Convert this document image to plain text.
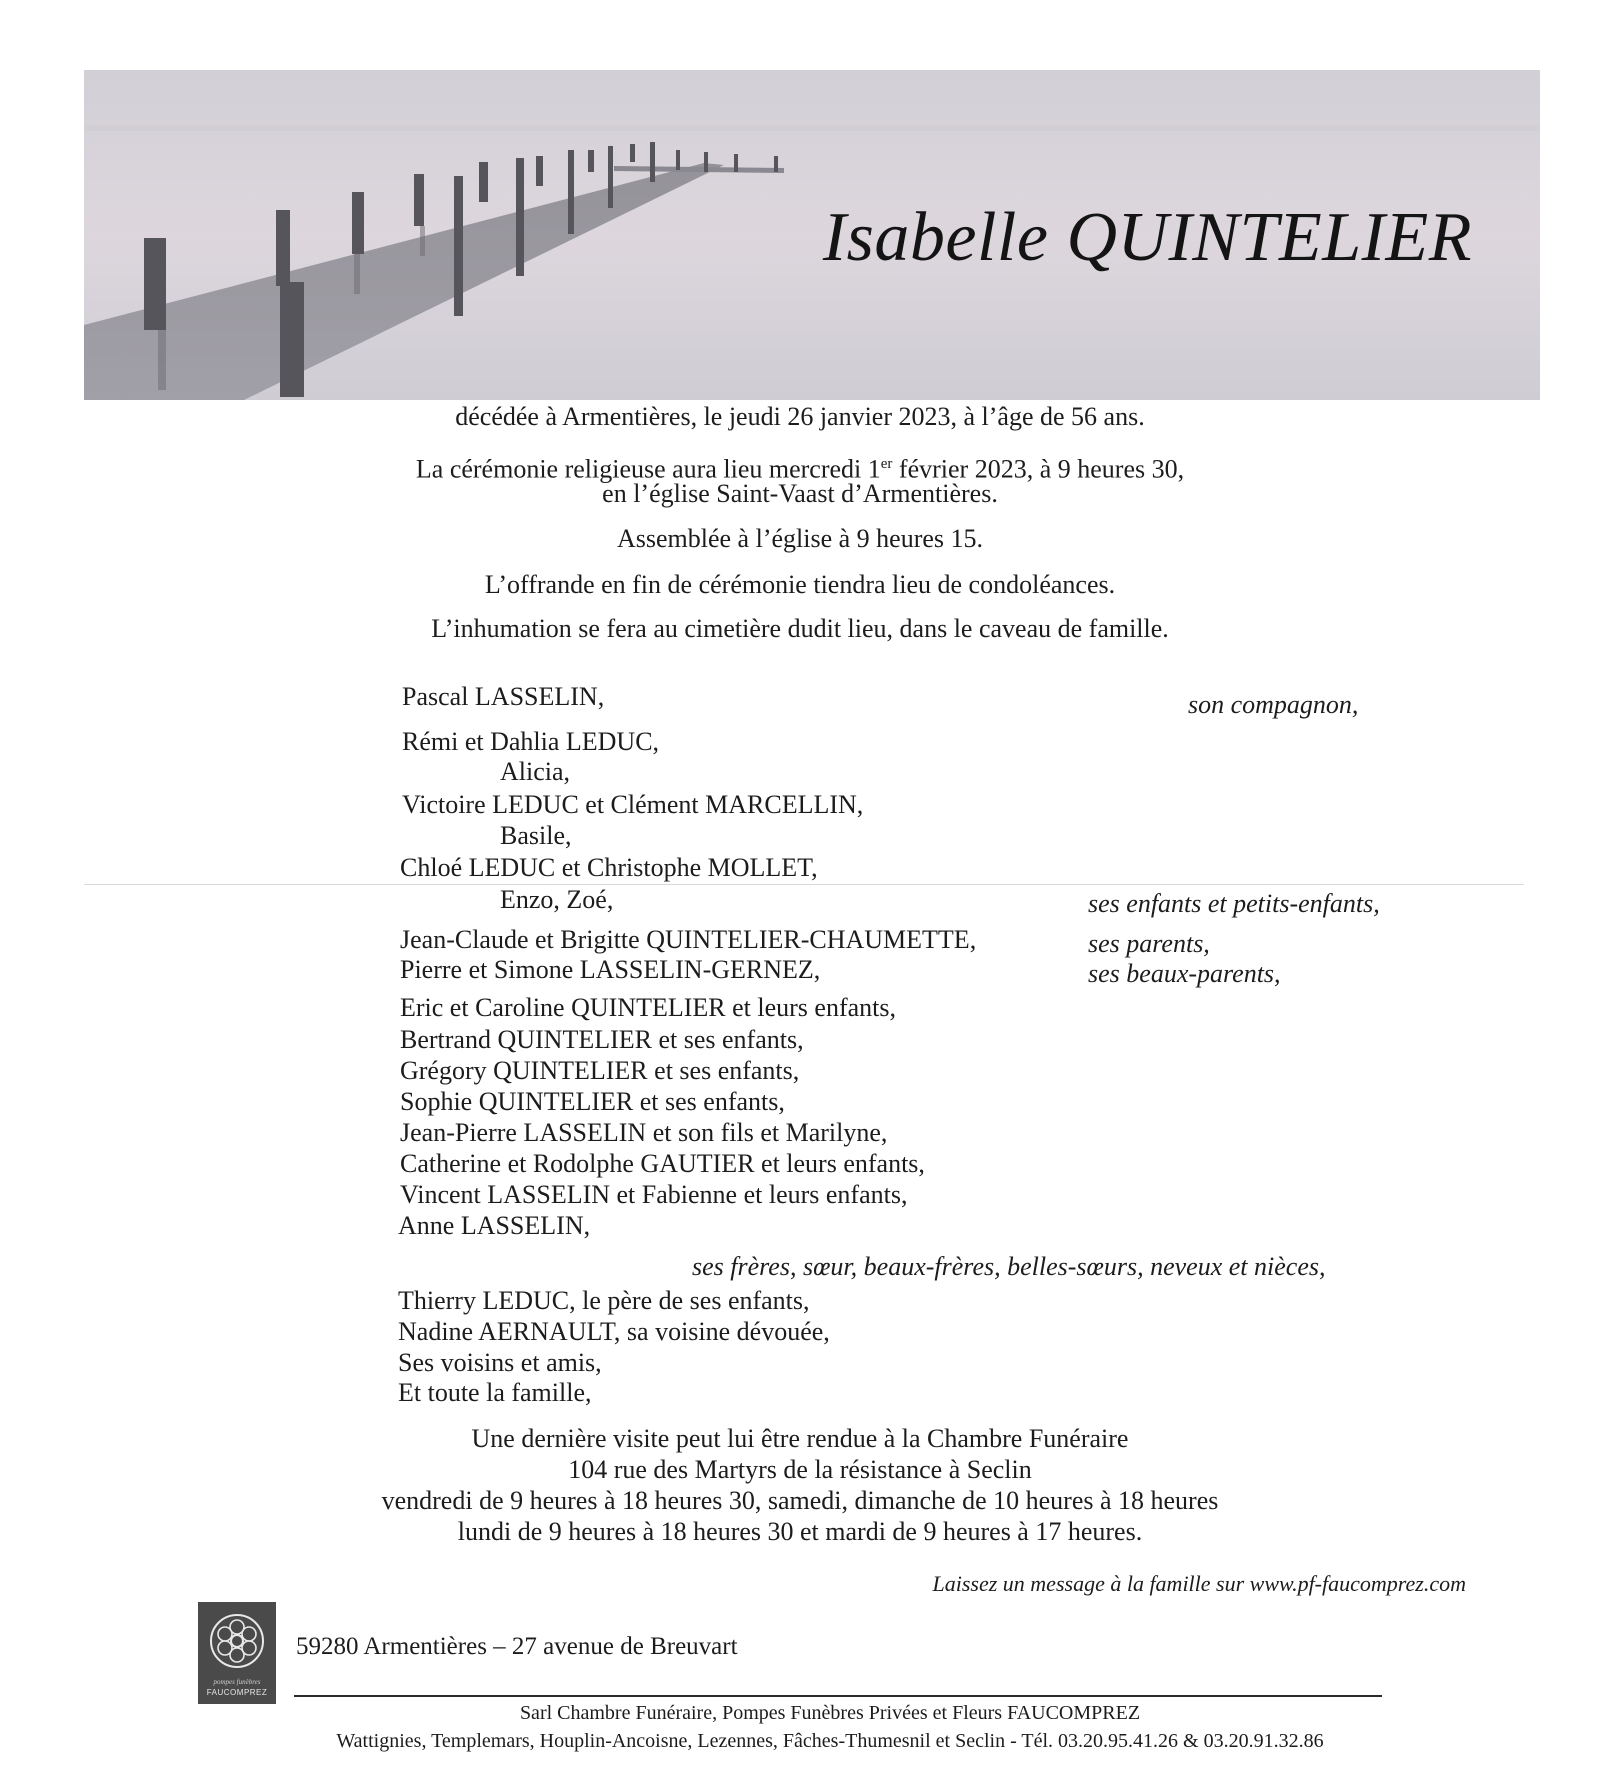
Isabelle QUINTELIER
décédée à Armentières, le jeudi 26 janvier 2023, à l’âge de 56 ans.
La cérémonie religieuse aura lieu mercredi 1er février 2023, à 9 heures 30,
en l’église Saint-Vaast d’Armentières.
Assemblée à l’église à 9 heures 15.
L’offrande en fin de cérémonie tiendra lieu de condoléances.
L’inhumation se fera au cimetière dudit lieu, dans le caveau de famille.
Pascal LASSELIN,	son compagnon,
Rémi et Dahlia LEDUC,
Alicia,
Victoire LEDUC et Clément MARCELLIN,
Basile,
Chloé LEDUC et Christophe MOLLET,
Enzo, Zoé,	ses enfants et petits-enfants,
Jean-Claude et Brigitte QUINTELIER-CHAUMETTE,	ses parents,
Pierre et Simone LASSELIN-GERNEZ,	ses beaux-parents,
Eric et Caroline QUINTELIER et leurs enfants,
Bertrand QUINTELIER et ses enfants,
Grégory QUINTELIER et ses enfants,
Sophie QUINTELIER et ses enfants,
Jean-Pierre LASSELIN et son fils et Marilyne,
Catherine et Rodolphe GAUTIER et leurs enfants,
Vincent LASSELIN et Fabienne et leurs enfants,
Anne LASSELIN,
ses frères, sœur, beaux-frères, belles-sœurs, neveux et nièces,
Thierry LEDUC, le père de ses enfants,
Nadine AERNAULT, sa voisine dévouée,
Ses voisins et amis,
Et toute la famille,
Une dernière visite peut lui être rendue à la Chambre Funéraire
104 rue des Martyrs de la résistance à Seclin
vendredi de 9 heures à 18 heures 30, samedi, dimanche de 10 heures à 18 heures
lundi de 9 heures à 18 heures 30 et mardi de 9 heures à 17 heures.
Laissez un message à la famille sur www.pf-faucomprez.com
pompes funèbres
FAUCOMPREZ
59280 Armentières – 27 avenue de Breuvart
Sarl Chambre Funéraire, Pompes Funèbres Privées et Fleurs FAUCOMPREZ
Wattignies, Templemars, Houplin-Ancoisne, Lezennes, Fâches-Thumesnil et Seclin - Tél. 03.20.95.41.26 & 03.20.91.32.86
